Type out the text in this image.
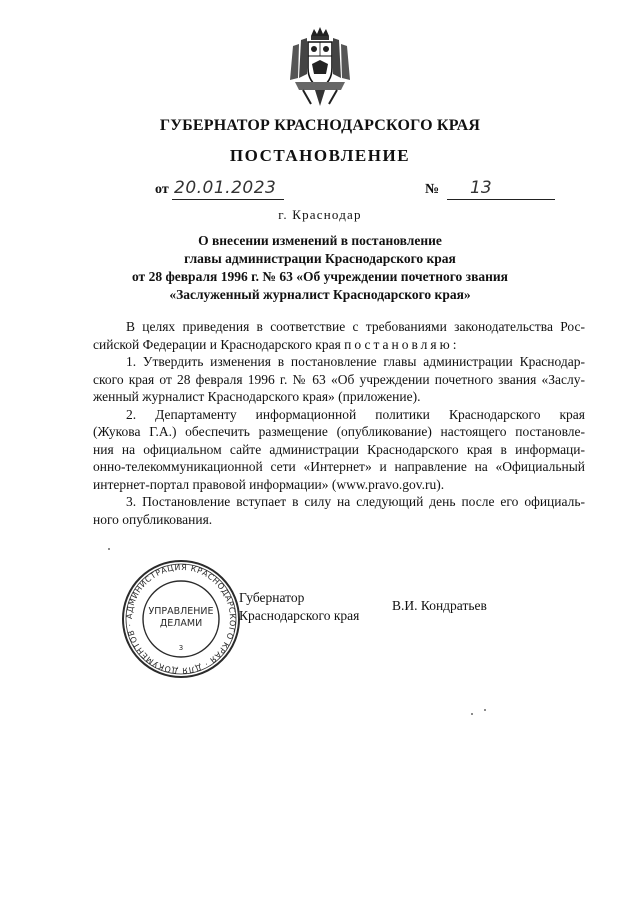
ГУБЕРНАТОР КРАСНОДАРСКОГО КРАЯ
ПОСТАНОВЛЕНИЕ
от 20.01.2023	№ 13
г. Краснодар
О внесении изменений в постановление
главы администрации Краснодарского края
от 28 февраля 1996 г. № 63 «Об учреждении почетного звания
«Заслуженный журналист Краснодарского края»
В целях приведения в соответствие с требованиями законодательства Рос-
сийской Федерации и Краснодарского края постановляю:
1. Утвердить изменения в постановление главы администрации Краснодар-
ского края от 28 февраля 1996 г. № 63 «Об учреждении почетного звания «Заслу-
женный журналист Краснодарского края» (приложение).
2. Департаменту информационной политики Краснодарского края
(Жукова Г.А.) обеспечить размещение (опубликование) настоящего постановле-
ния на официальном сайте администрации Краснодарского края в информаци-
онно-телекоммуникационной сети «Интернет» и направление на «Официальный
интернет-портал правовой информации» (www.pravo.gov.ru).
3. Постановление вступает в силу на следующий день после его официаль-
ного опубликования.
АДМИНИСТРАЦИЯ КРАСНОДАРСКОГО КРАЯ · ДЛЯ ДОКУМЕНТОВ ·
УПРАВЛЕНИЕ
ДЕЛАМИ
3
Губернатор
Краснодарского края
В.И. Кондратьев
